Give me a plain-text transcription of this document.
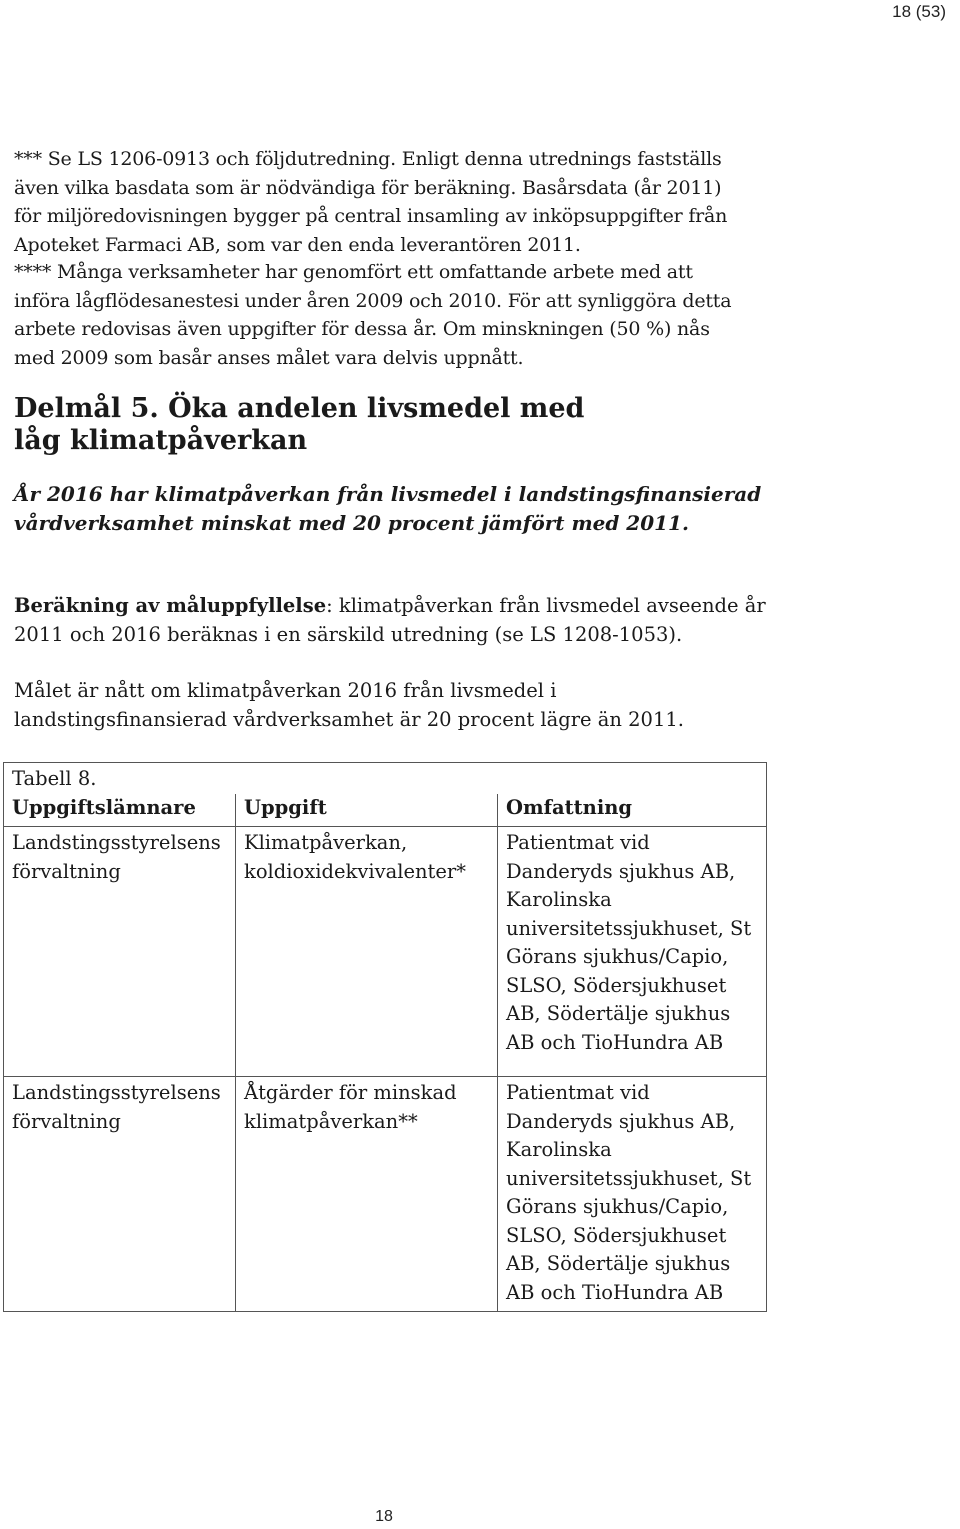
18 (53)
*** Se LS 1206-0913 och följdutredning. Enligt denna utrednings fastställs även vilka basdata som är nödvändiga för beräkning. Basårsdata (år 2011) för miljöredovisningen bygger på central insamling av inköpsuppgifter från Apoteket Farmaci AB, som var den enda leverantören 2011.
**** Många verksamheter har genomfört ett omfattande arbete med att införa lågflödesanestesi under åren 2009 och 2010. För att synliggöra detta arbete redovisas även uppgifter för dessa år. Om minskningen (50 %) nås med 2009 som basår anses målet vara delvis uppnått.
Delmål 5. Öka andelen livsmedel med låg klimatpåverkan
År 2016 har klimatpåverkan från livsmedel i landstingsfinansierad vårdverksamhet minskat med 20 procent jämfört med 2011.
Beräkning av måluppfyllelse: klimatpåverkan från livsmedel avseende år 2011 och 2016 beräknas i en särskild utredning (se LS 1208-1053).
Målet är nått om klimatpåverkan 2016 från livsmedel i landstingsfinansierad vårdverksamhet är 20 procent lägre än 2011.
Tabell 8.		
Uppgiftslämnare	Uppgift	Omfattning
Landstingsstyrelsens förvaltning	Klimatpåverkan, koldioxidekvivalenter*	Patientmat vid Danderyds sjukhus AB, Karolinska universitetssjukhuset, St Görans sjukhus/Capio, SLSO, Södersjukhuset AB, Södertälje sjukhus AB och TioHundra AB
Landstingsstyrelsens förvaltning	Åtgärder för minskad klimatpåverkan**	Patientmat vid Danderyds sjukhus AB, Karolinska universitetssjukhuset, St Görans sjukhus/Capio, SLSO, Södersjukhuset AB, Södertälje sjukhus AB och TioHundra AB
18
